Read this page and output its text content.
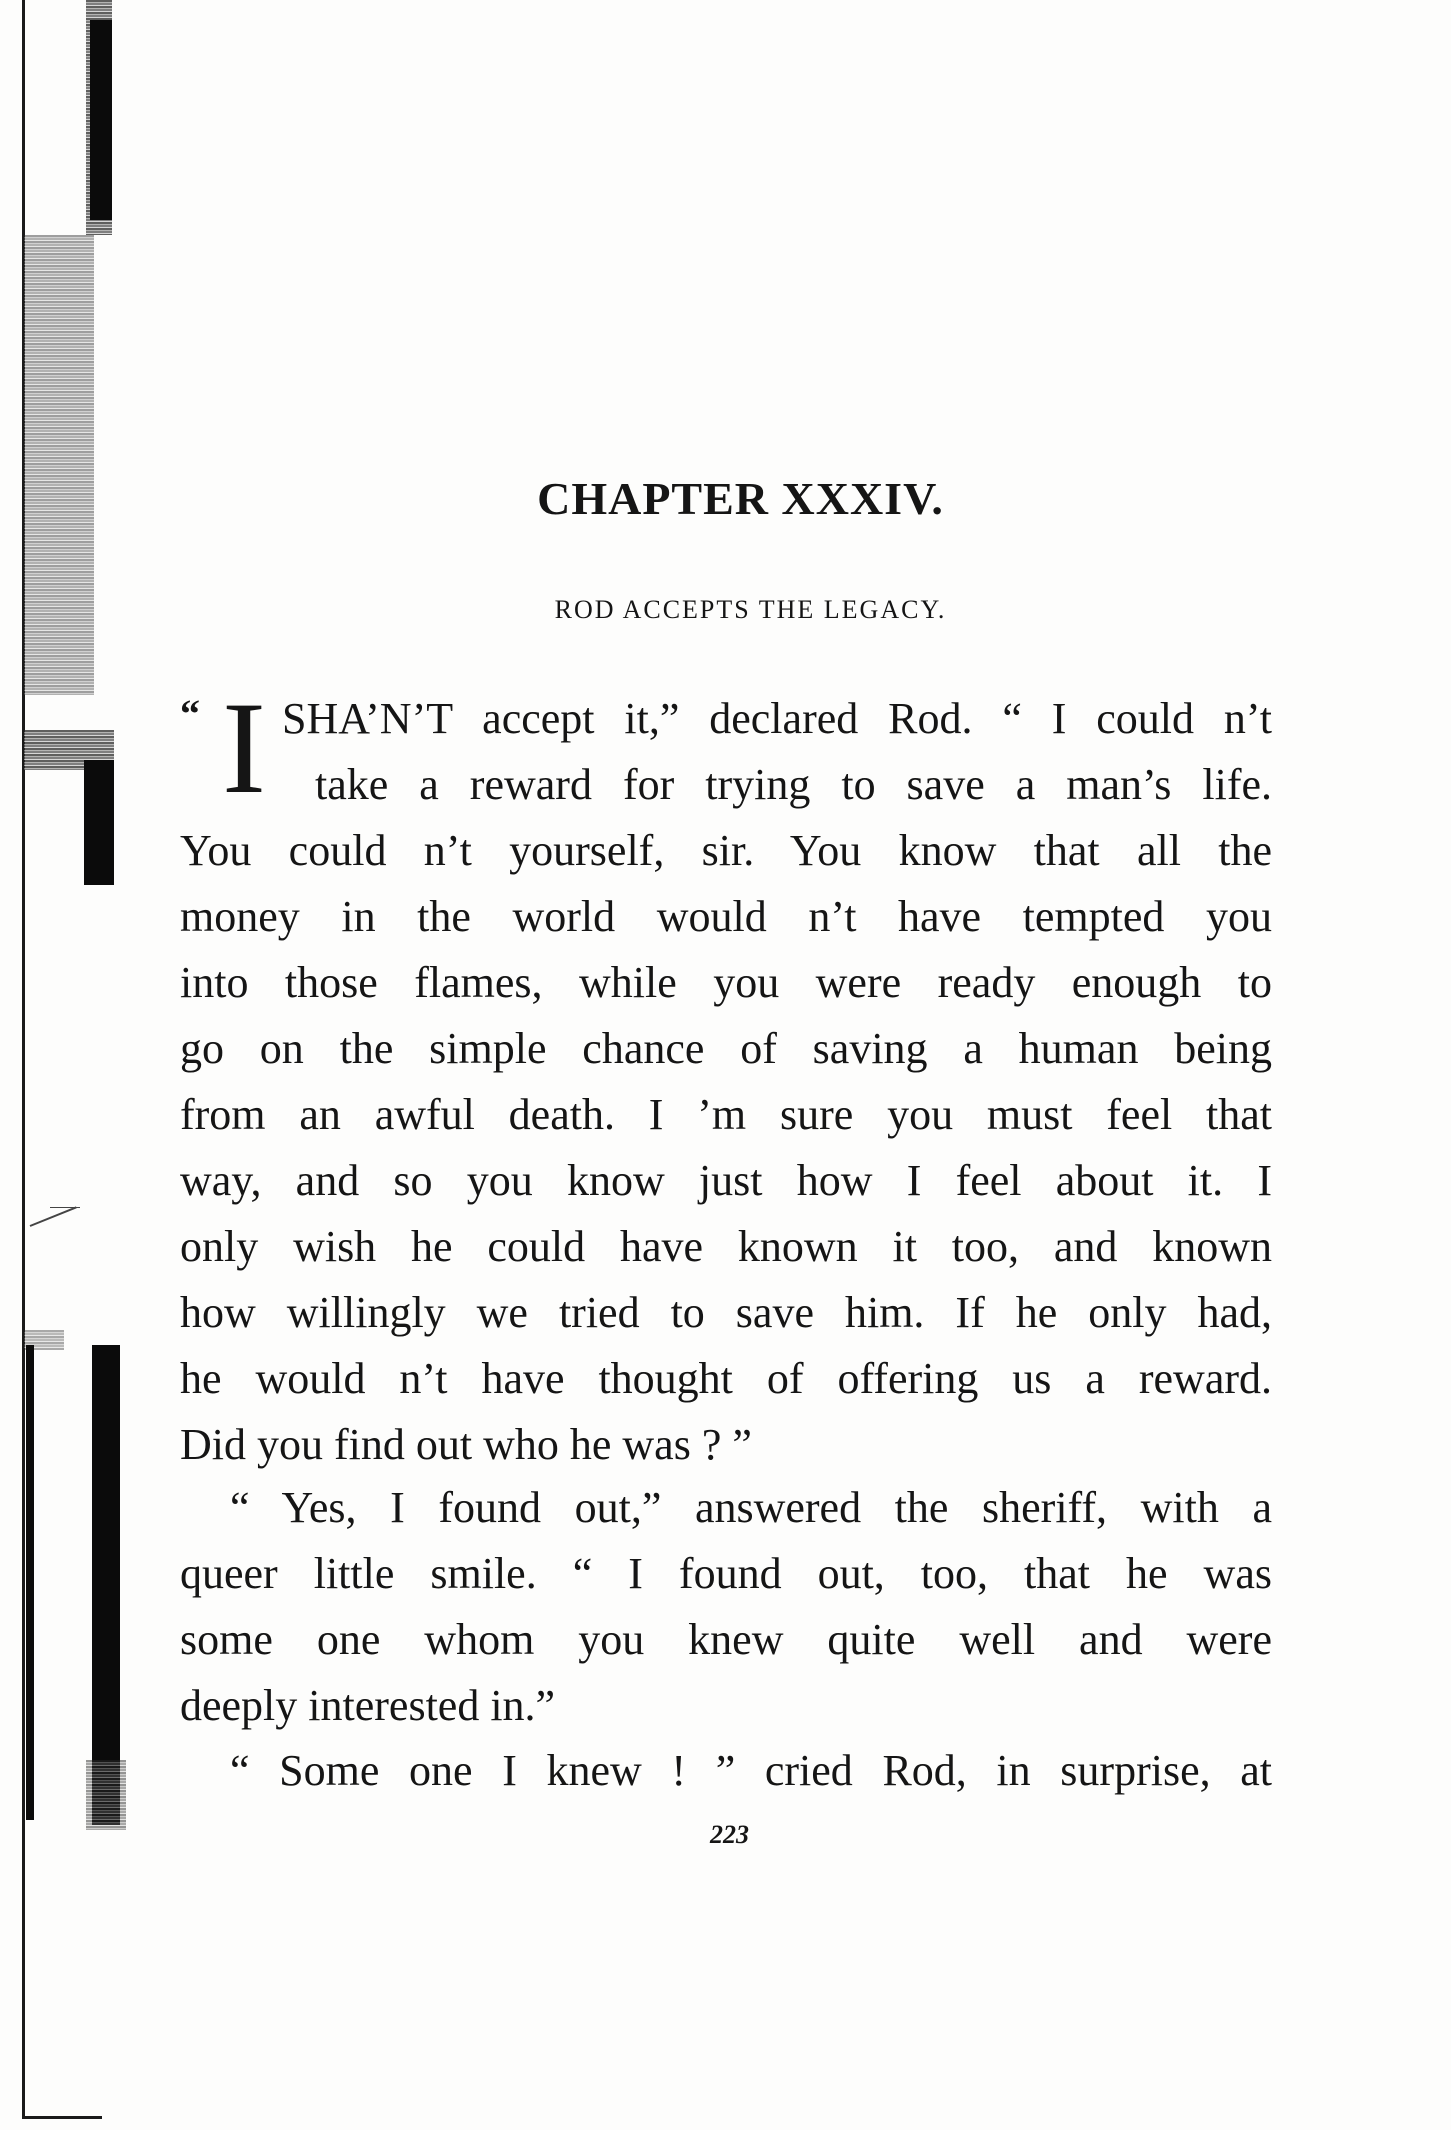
CHAPTER XXXIV.
ROD ACCEPTS THE LEGACY.
“ I SHA’N’T accept it,” declared Rod. “ I could n’t
take a reward for trying to save a man’s life.
You could n’t yourself, sir. You know that all the
money in the world would n’t have tempted you
into those flames, while you were ready enough to
go on the simple chance of saving a human being
from an awful death. I ’m sure you must feel that
way, and so you know just how I feel about it. I
only wish he could have known it too, and known
how willingly we tried to save him. If he only had,
he would n’t have thought of offering us a reward.
Did you find out who he was ? ”
“ Yes, I found out,” answered the sheriff, with a
queer little smile. “ I found out, too, that he was
some one whom you knew quite well and were
deeply interested in.”
“ Some one I knew ! ” cried Rod, in surprise, at
223
